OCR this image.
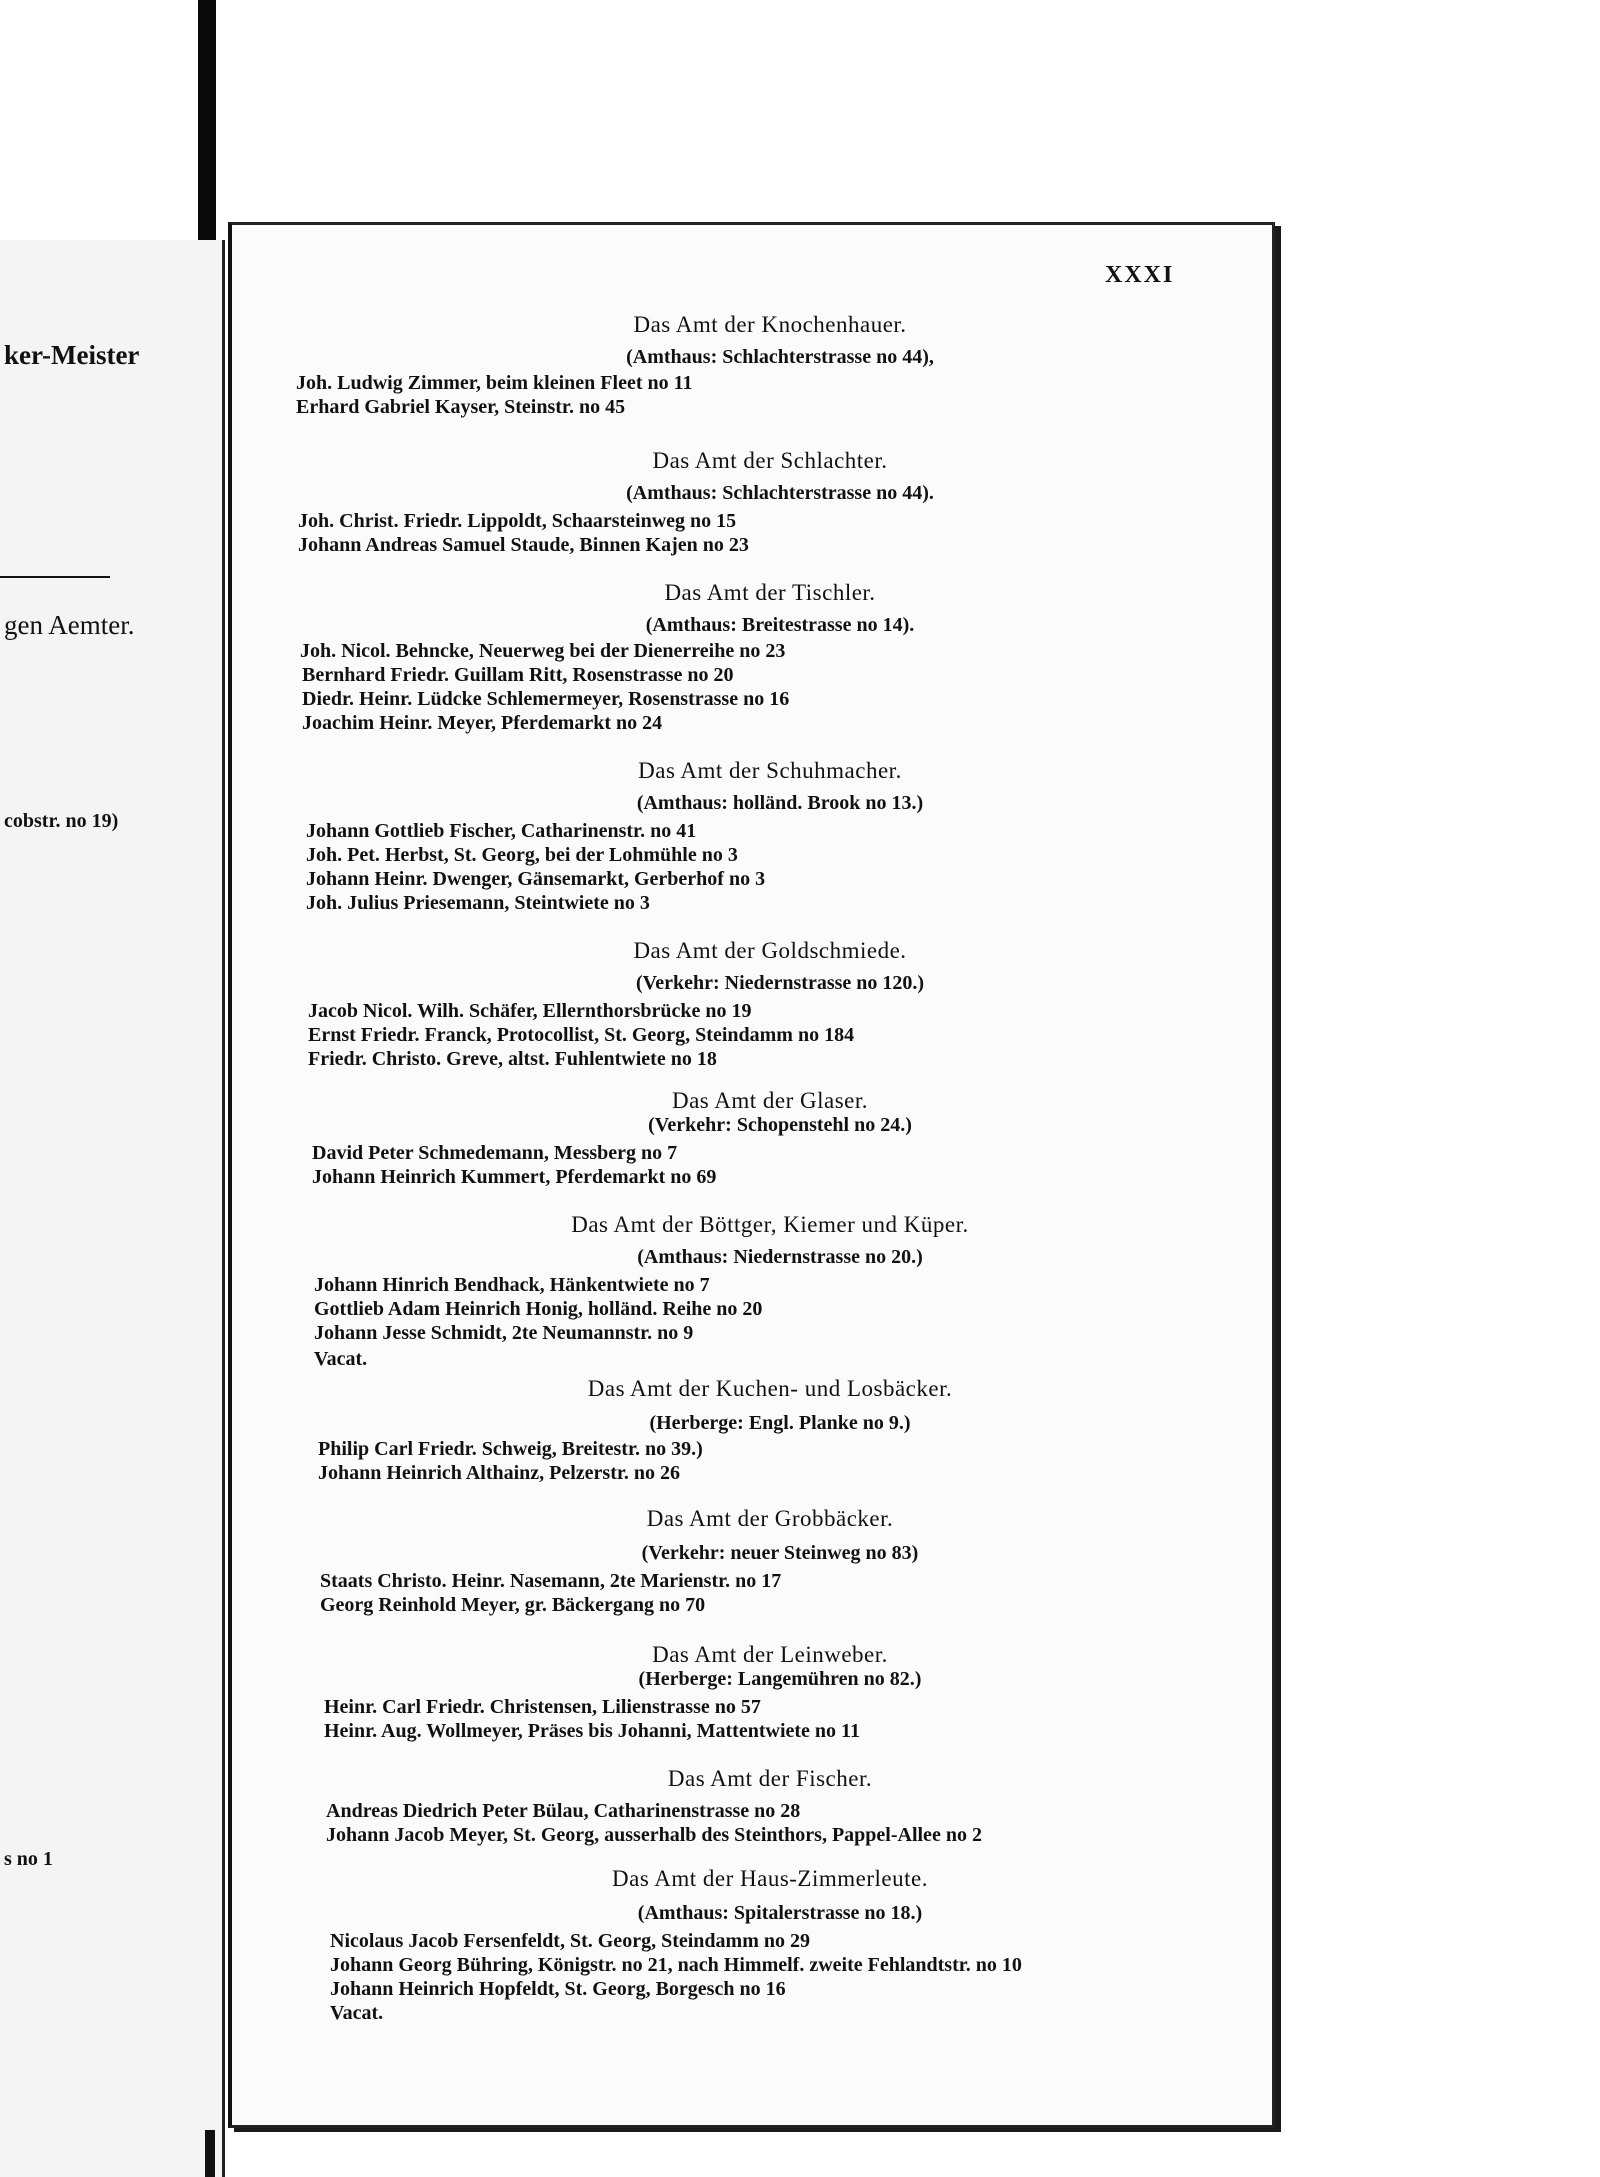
ker-Meister
gen Aemter.
cobstr. no 19)
s no 1
XXXI
Das Amt der Knochenhauer.
(Amthaus: Schlachterstrasse no 44),
Joh. Ludwig Zimmer, beim kleinen Fleet no 11
Erhard Gabriel Kayser, Steinstr. no 45
Das Amt der Schlachter.
(Amthaus: Schlachterstrasse no 44).
Joh. Christ. Friedr. Lippoldt, Schaarsteinweg no 15
Johann Andreas Samuel Staude, Binnen Kajen no 23
Das Amt der Tischler.
(Amthaus: Breitestrasse no 14).
Joh. Nicol. Behncke, Neuerweg bei der Dienerreihe no 23
Bernhard Friedr. Guillam Ritt, Rosenstrasse no 20
Diedr. Heinr. Lüdcke Schlemermeyer, Rosenstrasse no 16
Joachim Heinr. Meyer, Pferdemarkt no 24
Das Amt der Schuhmacher.
(Amthaus: holländ. Brook no 13.)
Johann Gottlieb Fischer, Catharinenstr. no 41
Joh. Pet. Herbst, St. Georg, bei der Lohmühle no 3
Johann Heinr. Dwenger, Gänsemarkt, Gerberhof no 3
Joh. Julius Priesemann, Steintwiete no 3
Das Amt der Goldschmiede.
(Verkehr: Niedernstrasse no 120.)
Jacob Nicol. Wilh. Schäfer, Ellernthorsbrücke no 19
Ernst Friedr. Franck, Protocollist, St. Georg, Steindamm no 184
Friedr. Christo. Greve, altst. Fuhlentwiete no 18
Das Amt der Glaser.
(Verkehr: Schopenstehl no 24.)
David Peter Schmedemann, Messberg no 7
Johann Heinrich Kummert, Pferdemarkt no 69
Das Amt der Böttger, Kiemer und Küper.
(Amthaus: Niedernstrasse no 20.)
Johann Hinrich Bendhack, Hänkentwiete no 7
Gottlieb Adam Heinrich Honig, holländ. Reihe no 20
Johann Jesse Schmidt, 2te Neumannstr. no 9
Vacat.
Das Amt der Kuchen- und Losbäcker.
(Herberge: Engl. Planke no 9.)
Philip Carl Friedr. Schweig, Breitestr. no 39.)
Johann Heinrich Althainz, Pelzerstr. no 26
Das Amt der Grobbäcker.
(Verkehr: neuer Steinweg no 83)
Staats Christo. Heinr. Nasemann, 2te Marienstr. no 17
Georg Reinhold Meyer, gr. Bäckergang no 70
Das Amt der Leinweber.
(Herberge: Langemühren no 82.)
Heinr. Carl Friedr. Christensen, Lilienstrasse no 57
Heinr. Aug. Wollmeyer, Präses bis Johanni, Mattentwiete no 11
Das Amt der Fischer.
Andreas Diedrich Peter Bülau, Catharinenstrasse no 28
Johann Jacob Meyer, St. Georg, ausserhalb des Steinthors, Pappel-Allee no 2
Das Amt der Haus-Zimmerleute.
(Amthaus: Spitalerstrasse no 18.)
Nicolaus Jacob Fersenfeldt, St. Georg, Steindamm no 29
Johann Georg Bühring, Königstr. no 21, nach Himmelf. zweite Fehlandtstr. no 10
Johann Heinrich Hopfeldt, St. Georg, Borgesch no 16
Vacat.
